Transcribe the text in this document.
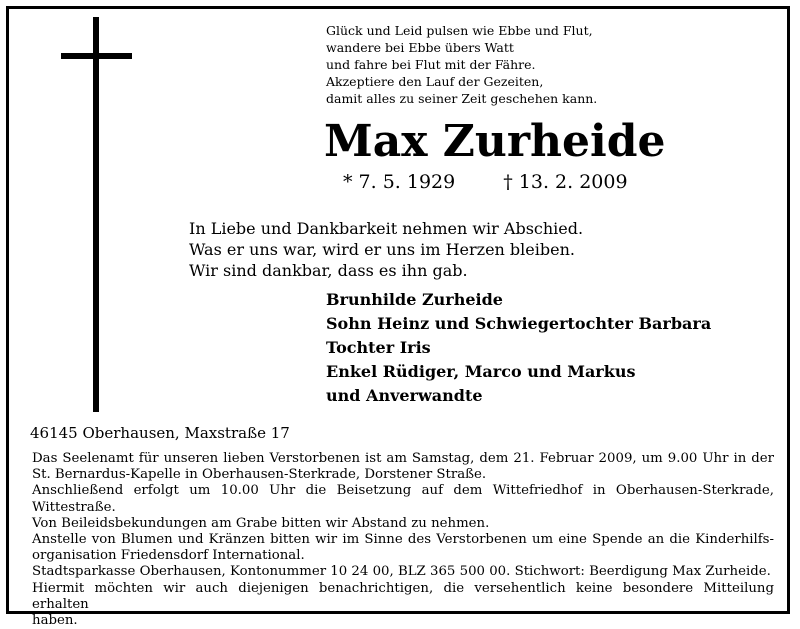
Glück und Leid pulsen wie Ebbe und Flut,
wandere bei Ebbe übers Watt
und fahre bei Flut mit der Fähre.
Akzeptiere den Lauf der Gezeiten,
damit alles zu seiner Zeit geschehen kann.
Max Zurheide
* 7. 5. 1929	† 13. 2. 2009
In Liebe und Dankbarkeit nehmen wir Abschied.
Was er uns war, wird er uns im Herzen bleiben.
Wir sind dankbar, dass es ihn gab.
Brunhilde Zurheide
Sohn Heinz und Schwiegertochter Barbara
Tochter Iris
Enkel Rüdiger, Marco und Markus
und Anverwandte
46145 Oberhausen, Maxstraße 17

Das Seelenamt für unseren lieben Verstorbenen ist am Samstag, dem 21. Februar 2009, um 9.00 Uhr in der

St. Bernardus-Kapelle in Oberhausen-Sterkrade, Dorstener Straße.

Anschließend erfolgt um 10.00 Uhr die Beisetzung auf dem Wittefriedhof in Oberhausen-Sterkrade, Wittestraße.

Von Beileidsbekundungen am Grabe bitten wir Abstand zu nehmen.

Anstelle von Blumen und Kränzen bitten wir im Sinne des Verstorbenen um eine Spende an die Kinderhilfs-

organisation Friedensdorf International.

Stadtsparkasse Oberhausen, Kontonummer 10 24 00, BLZ 365 500 00. Stichwort: Beerdigung Max Zurheide.

Hiermit möchten wir auch diejenigen benachrichtigen, die versehentlich keine besondere Mitteilung erhalten

haben.
